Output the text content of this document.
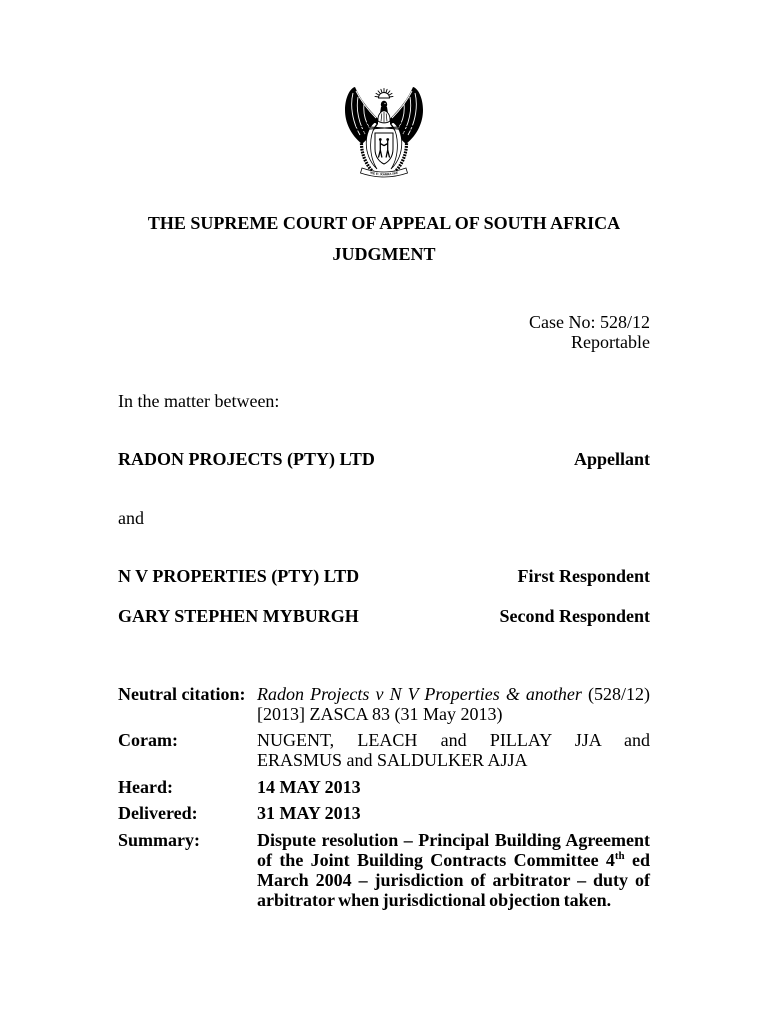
!KE E: /XARRA //KE
THE SUPREME COURT OF APPEAL OF SOUTH AFRICA
JUDGMENT
Case No: 528/12
Reportable
In the matter between:
RADON PROJECTS (PTY) LTD	Appellant
and
N V PROPERTIES (PTY) LTD	First Respondent
GARY STEPHEN MYBURGH	Second Respondent
Neutral citation: Radon Projects v N V Properties & another (528/12)
[2013] ZASCA 83 (31 May 2013)
Coram:	NUGENT, LEACH and PILLAY JJA and
ERASMUS and SALDULKER AJJA
Heard:	14 MAY 2013
Delivered:	31 MAY 2013
Summary:	Dispute resolution – Principal Building Agreement
of the Joint Building Contracts Committee 4th ed
March 2004 – jurisdiction of arbitrator – duty of
arbitrator when jurisdictional objection taken.
